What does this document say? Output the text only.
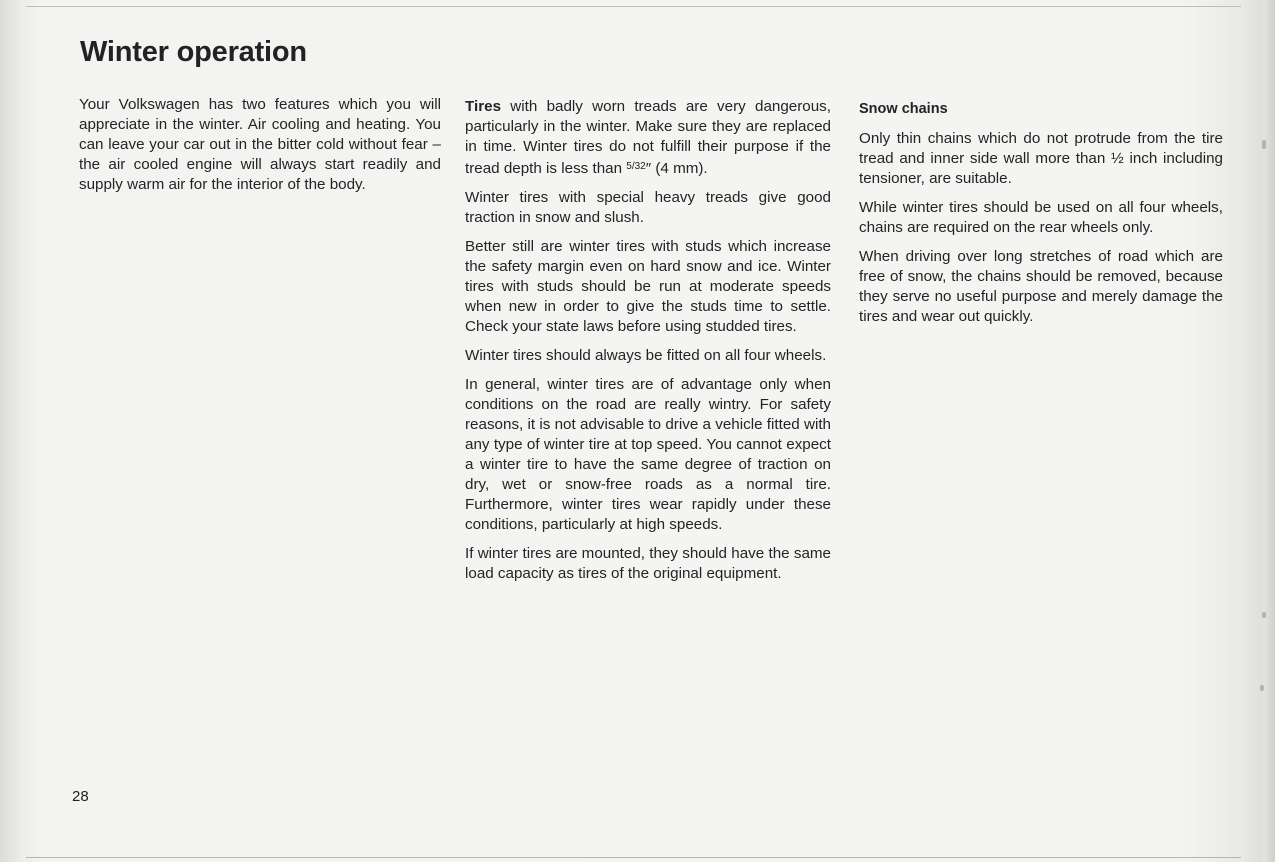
Winter operation

Your Volkswagen has two features which you will appreciate in the winter. Air cooling and heating. You can leave your car out in the bitter cold without fear – the air cooled engine will always start readily and supply warm air for the interior of the body.

Tires with badly worn treads are very dangerous, particularly in the winter. Make sure they are replaced in time. Winter tires do not fulfill their purpose if the tread depth is less than $^{5/32}$″ (4 mm).

Winter tires with special heavy treads give good traction in snow and slush.

Better still are winter tires with studs which increase the safety margin even on hard snow and ice. Winter tires with studs should be run at moderate speeds when new in order to give the studs time to settle. Check your state laws before using studded tires.

Winter tires should always be fitted on all four wheels.

In general, winter tires are of advantage only when conditions on the road are really wintry. For safety reasons, it is not advisable to drive a vehicle fitted with any type of winter tire at top speed. You cannot expect a winter tire to have the same degree of traction on dry, wet or snow-free roads as a normal tire. Furthermore, winter tires wear rapidly under these conditions, particularly at high speeds.

If winter tires are mounted, they should have the same load capacity as tires of the original equipment.

Snow chains

Only thin chains which do not protrude from the tire tread and inner side wall more than ½ inch including tensioner, are suitable.

While winter tires should be used on all four wheels, chains are required on the rear wheels only.

When driving over long stretches of road which are free of snow, the chains should be removed, because they serve no useful purpose and merely damage the tires and wear out quickly.

28
